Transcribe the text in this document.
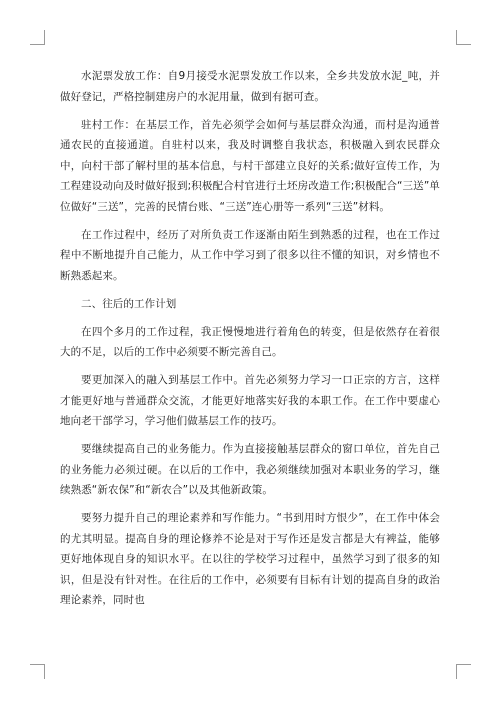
水泥票发放工作：自9月接受水泥票发放工作以来，全乡共发放水泥_吨，并做好登记，严格控制建房户的水泥用量，做到有据可查。

驻村工作：在基层工作，首先必须学会如何与基层群众沟通，而村是沟通普通农民的直接通道。自驻村以来，我及时调整自我状态，积极融入到农民群众中，向村干部了解村里的基本信息，与村干部建立良好的关系;做好宣传工作，为工程建设动向及时做好报到;积极配合村官进行土坯房改造工作;积极配合“三送”单位做好“三送”，完善的民情台账、“三送”连心册等一系列“三送”材料。

在工作过程中，经历了对所负责工作逐渐由陌生到熟悉的过程，也在工作过程中不断地提升自己能力，从工作中学习到了很多以往不懂的知识，对乡情也不断熟悉起来。

二、往后的工作计划

在四个多月的工作过程，我正慢慢地进行着角色的转变，但是依然存在着很大的不足，以后的工作中必须要不断完善自己。

要更加深入的融入到基层工作中。首先必须努力学习一口正宗的方言，这样才能更好地与普通群众交流，才能更好地落实好我的本职工作。在工作中要虚心地向老干部学习，学习他们做基层工作的技巧。

要继续提高自己的业务能力。作为直接接触基层群众的窗口单位，首先自己的业务能力必须过硬。在以后的工作中，我必须继续加强对本职业务的学习，继续熟悉“新农保”和“新农合”以及其他新政策。

要努力提升自己的理论素养和写作能力。“书到用时方恨少”，在工作中体会的尤其明显。提高自身的理论修养不论是对于写作还是发言都是大有裨益，能够更好地体现自身的知识水平。在以往的学校学习过程中，虽然学习到了很多的知识，但是没有针对性。在往后的工作中，必须要有目标有计划的提高自身的政治理论素养，同时也
